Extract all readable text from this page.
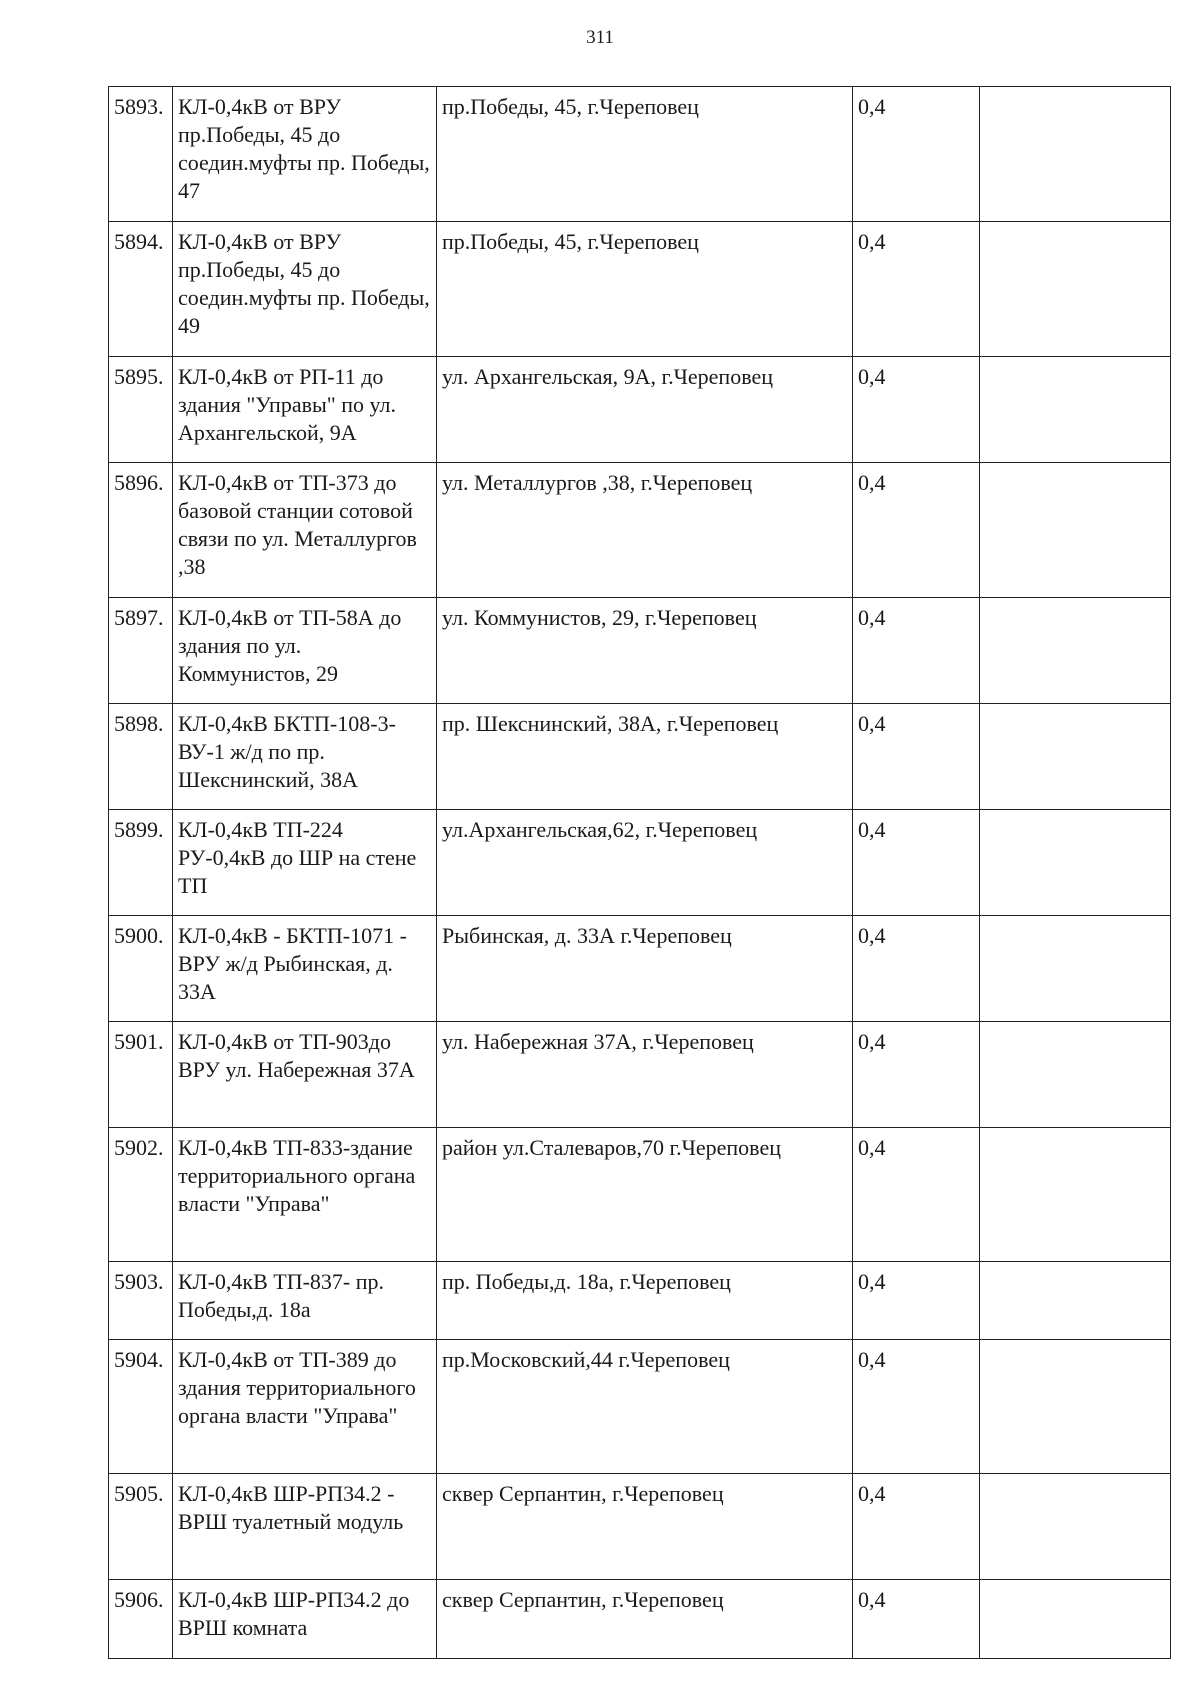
311
5893.	КЛ-0,4кВ от ВРУ пр.Победы, 45 до соедин.муфты пр. Победы, 47	пр.Победы, 45, г.Череповец	0,4	
5894.	КЛ-0,4кВ от ВРУ пр.Победы, 45 до соедин.муфты пр. Победы, 49	пр.Победы, 45, г.Череповец	0,4	
5895.	КЛ-0,4кВ от РП-11 до здания "Управы" по ул. Архангельской, 9А	ул. Архангельская, 9А, г.Череповец	0,4	
5896.	КЛ-0,4кВ от ТП-373 до базовой станции сотовой связи по ул. Металлургов ,38	ул. Металлургов ,38, г.Череповец	0,4	
5897.	КЛ-0,4кВ от ТП-58А до здания по ул. Коммунистов, 29	ул. Коммунистов, 29, г.Череповец	0,4	
5898.	КЛ-0,4кВ БКТП-108-3-ВУ-1 ж/д по пр. Шекснинский, 38А	пр. Шекснинский, 38А, г.Череповец	0,4	
5899.	КЛ-0,4кВ ТП-224 РУ-0,4кВ до ШР на стене ТП	ул.Архангельская,62, г.Череповец	0,4	
5900.	КЛ-0,4кВ - БКТП-1071 - ВРУ ж/д Рыбинская, д. 33А	Рыбинская, д. 33А г.Череповец	0,4	
5901.	КЛ-0,4кВ от ТП-903до ВРУ ул. Набережная 37А	ул. Набережная 37А, г.Череповец	0,4	
5902.	КЛ-0,4кВ ТП-833-здание территориального органа власти "Управа"	район ул.Сталеваров,70 г.Череповец	0,4	
5903.	КЛ-0,4кВ ТП-837- пр. Победы,д. 18а	пр. Победы,д. 18а, г.Череповец	0,4	
5904.	КЛ-0,4кВ от ТП-389 до здания территориального органа власти "Управа"	пр.Московский,44 г.Череповец	0,4	
5905.	КЛ-0,4кВ ШР-РП34.2 - ВРШ туалетный модуль	сквер Серпантин, г.Череповец	0,4	
5906.	КЛ-0,4кВ ШР-РП34.2 до ВРШ комната	сквер Серпантин, г.Череповец	0,4	
